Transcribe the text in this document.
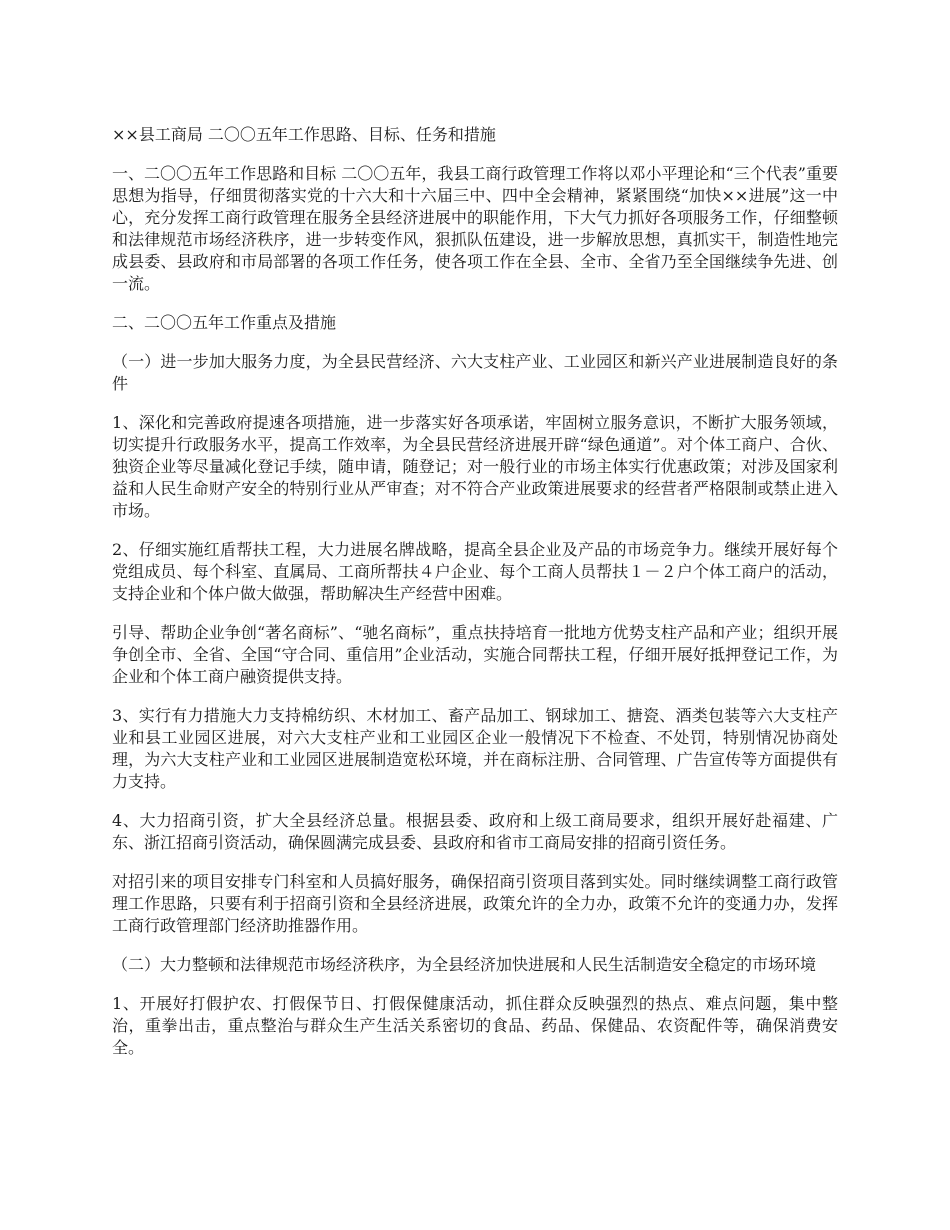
××县工商局 二〇〇五年工作思路、目标、任务和措施

一、二〇〇五年工作思路和目标 二〇〇五年，我县工商行政管理工作将以邓小平理论和“三个代表”重要思想为指导，仔细贯彻落实党的十六大和十六届三中、四中全会精神，紧紧围绕“加快××进展”这一中心，充分发挥工商行政管理在服务全县经济进展中的职能作用，下大气力抓好各项服务工作，仔细整顿和法律规范市场经济秩序，进一步转变作风，狠抓队伍建设，进一步解放思想，真抓实干，制造性地完成县委、县政府和市局部署的各项工作任务，使各项工作在全县、全市、全省乃至全国继续争先进、创一流。

二、二〇〇五年工作重点及措施

（一）进一步加大服务力度，为全县民营经济、六大支柱产业、工业园区和新兴产业进展制造良好的条件

1、深化和完善政府提速各项措施，进一步落实好各项承诺，牢固树立服务意识，不断扩大服务领域，切实提升行政服务水平，提高工作效率，为全县民营经济进展开辟“绿色通道”。对个体工商户、合伙、独资企业等尽量减化登记手续，随申请，随登记；对一般行业的市场主体实行优惠政策；对涉及国家利益和人民生命财产安全的特别行业从严审查；对不符合产业政策进展要求的经营者严格限制或禁止进入市场。

2、仔细实施红盾帮扶工程，大力进展名牌战略，提高全县企业及产品的市场竞争力。继续开展好每个党组成员、每个科室、直属局、工商所帮扶４户企业、每个工商人员帮扶１－２户个体工商户的活动，支持企业和个体户做大做强，帮助解决生产经营中困难。

引导、帮助企业争创“著名商标”、“驰名商标”，重点扶持培育一批地方优势支柱产品和产业；组织开展争创全市、全省、全国“守合同、重信用”企业活动，实施合同帮扶工程，仔细开展好抵押登记工作，为企业和个体工商户融资提供支持。

3、实行有力措施大力支持棉纺织、木材加工、畜产品加工、钢球加工、搪瓷、酒类包装等六大支柱产业和县工业园区进展，对六大支柱产业和工业园区企业一般情况下不检查、不处罚，特别情况协商处理，为六大支柱产业和工业园区进展制造宽松环境，并在商标注册、合同管理、广告宣传等方面提供有力支持。

4、大力招商引资，扩大全县经济总量。根据县委、政府和上级工商局要求，组织开展好赴福建、广东、浙江招商引资活动，确保圆满完成县委、县政府和省市工商局安排的招商引资任务。

对招引来的项目安排专门科室和人员搞好服务，确保招商引资项目落到实处。同时继续调整工商行政管理工作思路，只要有利于招商引资和全县经济进展，政策允许的全力办，政策不允许的变通力办，发挥工商行政管理部门经济助推器作用。

（二）大力整顿和法律规范市场经济秩序，为全县经济加快进展和人民生活制造安全稳定的市场环境

1、开展好打假护农、打假保节日、打假保健康活动，抓住群众反映强烈的热点、难点问题，集中整治，重拳出击，重点整治与群众生产生活关系密切的食品、药品、保健品、农资配件等，确保消费安全。
